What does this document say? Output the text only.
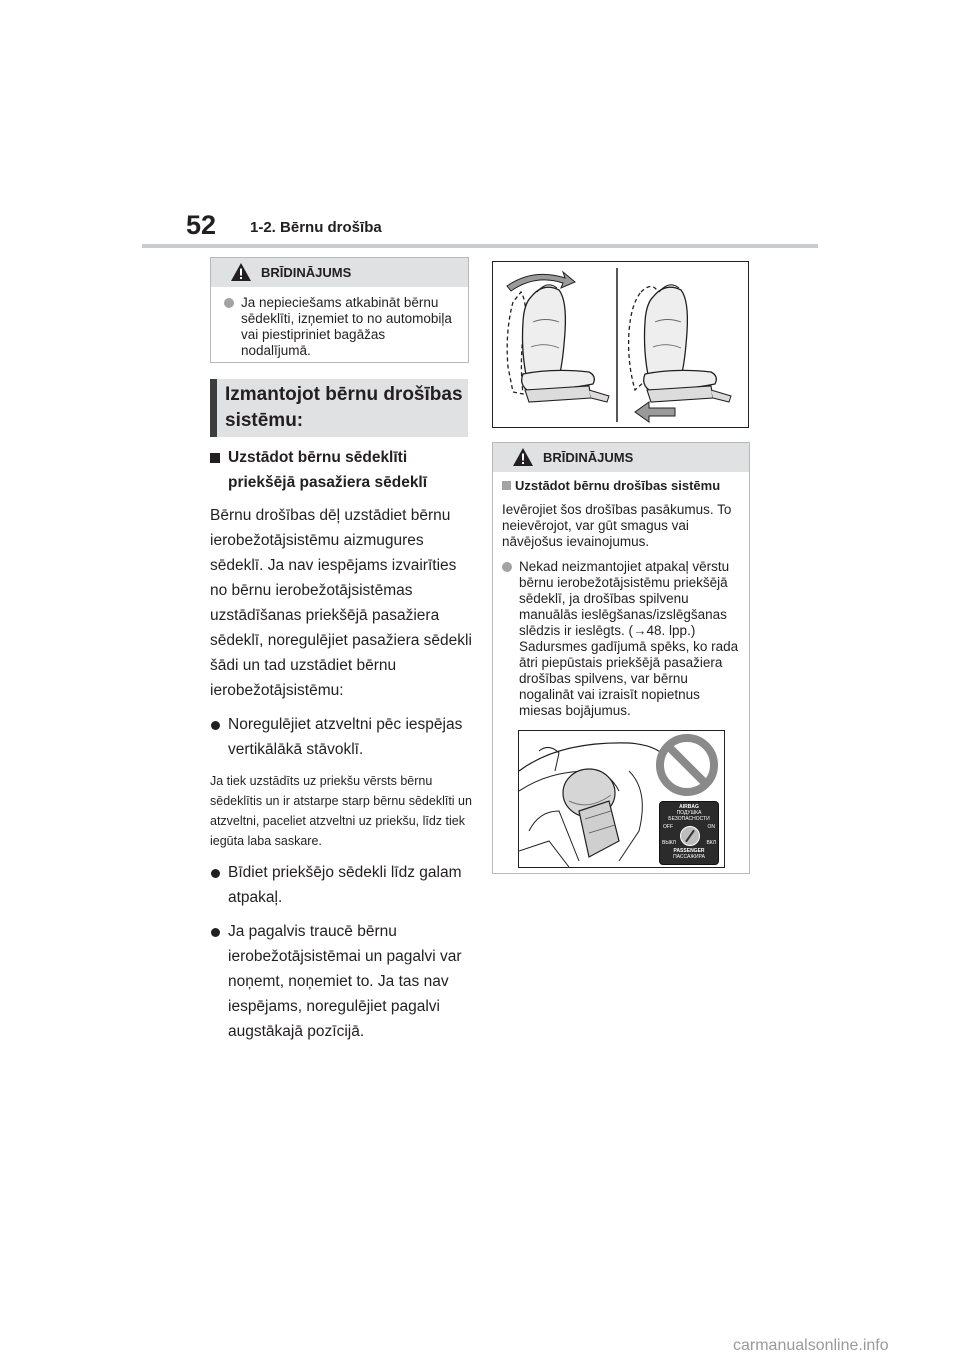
52 1-2. Bērnu drošība
BRĪDINĀJUMS
Ja nepieciešams atkabināt bērnu sēdeklīti, izņemiet to no automobiļa vai piestipriniet bagāžas nodalījumā.
Izmantojot bērnu drošības sistēmu:
Uzstādot bērnu sēdeklīti priekšējā pasažiera sēdeklī
Bērnu drošības dēļ uzstādiet bērnu ierobežotājsistēmu aizmugures sēdeklī. Ja nav iespējams izvairīties no bērnu ierobežotājsistēmas uzstādīšanas priekšējā pasažiera sēdeklī, noregulējiet pasažiera sēdekli šādi un tad uzstādiet bērnu ierobežotājsistēmu:
Noregulējiet atzveltni pēc iespējas vertikālākā stāvoklī.
Ja tiek uzstādīts uz priekšu vērsts bērnu sēdeklītis un ir atstarpe starp bērnu sēdeklīti un atzveltni, paceliet atzveltni uz priekšu, līdz tiek iegūta laba saskare.
Bīdiet priekšējo sēdekli līdz galam atpakaļ.
Ja pagalvis traucē bērnu ierobežotājsistēmai un pagalvi var noņemt, noņemiet to. Ja tas nav iespējams, noregulējiet pagalvi augstākajā pozīcijā.
BRĪDINĀJUMS
Uzstādot bērnu drošības sistēmu
Ievērojiet šos drošības pasākumus. To neievērojot, var gūt smagus vai nāvējošus ievainojumus.
Nekad neizmantojiet atpakaļ vērstu bērnu ierobežotājsistēmu priekšējā sēdeklī, ja drošības spilvenu manuālās ieslēgšanas/izslēgšanas slēdzis ir ieslēgts. (→48. lpp.) Sadursmes gadījumā spēks, ko rada ātri piepūstais priekšējā pasažiera drošības spilvens, var bērnu nogalināt vai izraisīt nopietnus miesas bojājumus.
AIRBAG
ПОДУШКА БЕЗОПАСНОСТИ
OFF	ON
ВЫКЛ	ВКЛ
PASSENGER
ПАССАЖИРА
carmanualsonline.info
